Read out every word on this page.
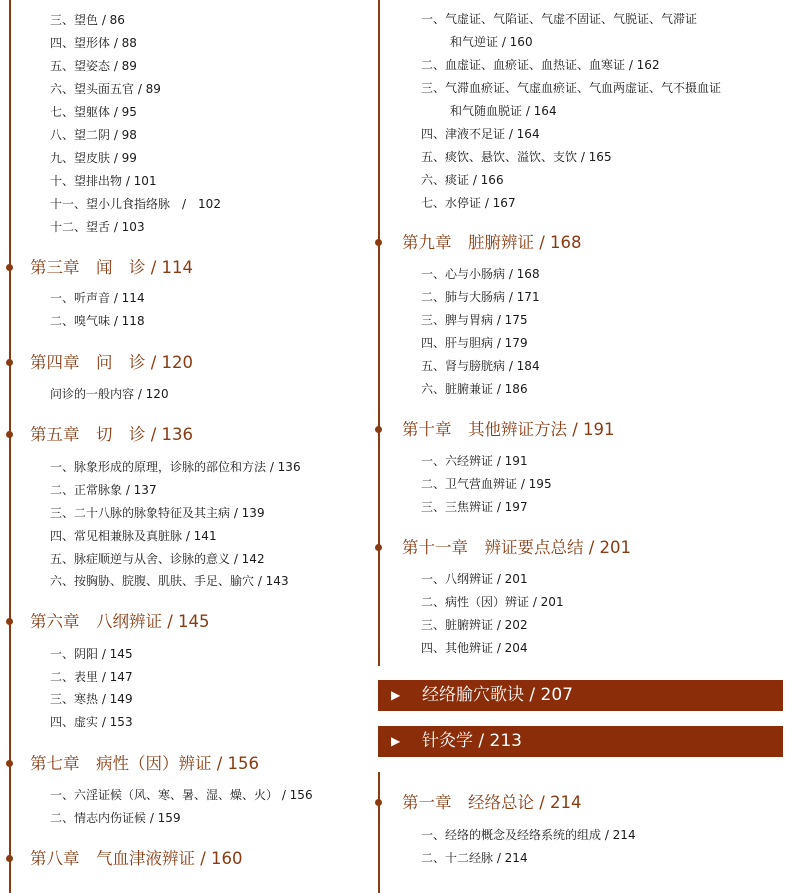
三、望色 / 86
四、望形体 / 88
五、望姿态 / 89
六、望头面五官 / 89
七、望躯体 / 95
八、望二阴 / 98
九、望皮肤 / 99
十、望排出物 / 101
十一、望小儿食指络脉　/　102
十二、望舌 / 103
第三章　闻　诊 / 114
一、听声音 / 114
二、嗅气味 / 118
第四章　问　诊 / 120
问诊的一般内容 / 120
第五章　切　诊 / 136
一、脉象形成的原理，诊脉的部位和方法 / 136
二、正常脉象 / 137
三、二十八脉的脉象特征及其主病 / 139
四、常见相兼脉及真脏脉 / 141
五、脉症顺逆与从舍、诊脉的意义 / 142
六、按胸胁、脘腹、肌肤、手足、腧穴 / 143
第六章　八纲辨证 / 145
一、阴阳 / 145
二、表里 / 147
三、寒热 / 149
四、虚实 / 153
第七章　病性（因）辨证 / 156
一、六淫证候（风、寒、暑、湿、燥、火） / 156
二、情志内伤证候 / 159
第八章　气血津液辨证 / 160
一、气虚证、气陷证、气虚不固证、气脱证、气滞证
和气逆证 / 160
二、血虚证、血瘀证、血热证、血寒证 / 162
三、气滞血瘀证、气虚血瘀证、气血两虚证、气不摄血证
和气随血脱证 / 164
四、津液不足证 / 164
五、痰饮、悬饮、溢饮、支饮 / 165
六、痰证 / 166
七、水停证 / 167
第九章　脏腑辨证 / 168
一、心与小肠病 / 168
二、肺与大肠病 / 171
三、脾与胃病 / 175
四、肝与胆病 / 179
五、肾与膀胱病 / 184
六、脏腑兼证 / 186
第十章　其他辨证方法 / 191
一、六经辨证 / 191
二、卫气营血辨证 / 195
三、三焦辨证 / 197
第十一章　辨证要点总结 / 201
一、八纲辨证 / 201
二、病性（因）辨证 / 201
三、脏腑辨证 / 202
四、其他辨证 / 204
▶ 经络腧穴歌诀 / 207
▶ 针灸学 / 213
第一章　经络总论 / 214
一、经络的概念及经络系统的组成 / 214
二、十二经脉 / 214
